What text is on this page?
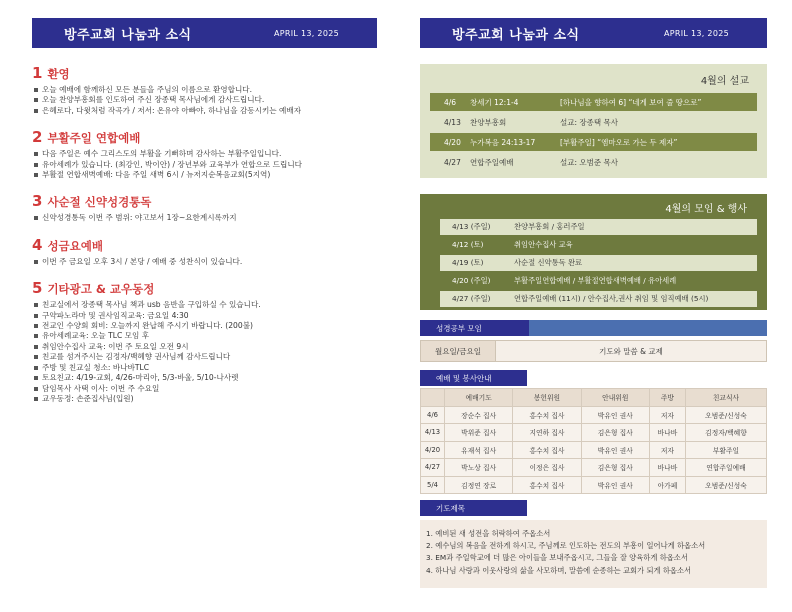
방주교회 나눔과 소식	APRIL 13, 2025
1 환영
오늘 예배에 함께하신 모든 분들을 주님의 이름으로 환영합니다.
오늘 찬양부흥회를 인도하여 주신 장종택 목사님에게 감사드립니다.
은혜로다, 다윗처럼 작곡가 / 저서: 온유야 아빠야, 하나님을 감동시키는 예배자
2 부활주일 연합예배
다음 주일은 예수 그리스도의 부활을 기뻐하며 감사하는 부활주일입니다.
유아세례가 있습니다. (최강인, 박이안) / 장년부와 교육부가 연합으로 드립니다
부활절 연합새벽예배: 다음 주일 새벽 6시 / 뉴저지순복음교회(5지역)
3 사순절 신약성경통독
신약성경통독 이번 주 범위: 야고보서 1장~요한계시록까지
4 성금요예배
이번 주 금요일 오후 3시 / 본당 / 예배 중 성찬식이 있습니다.
5 기타광고 & 교우동정
친교실에서 장종택 목사님 책과 usb 음반을 구입하실 수 있습니다.
구약파노라마 및 권사임직교육: 금요일 4:30
전교인 수양회 회비: 오늘까지 완납해 주시기 바랍니다. (200불)
유아세례교육: 오늘 TLC 모임 후
취임안수집사 교육: 이번 주 토요일 오전 9시
친교를 섬겨주시는 김정자/백혜향 권사님께 감사드립니다
주방 및 친교실 청소: 바나바TLC
토요친교: 4/19-교회, 4/26-마리아, 5/3-바울, 5/10-나사렛
담임목사 사택 이사: 이번 주 수요일
교우동정: 손준집사님(입원)
방주교회 나눔과 소식	APRIL 13, 2025
4월의 설교
4/6	창세기 12:1-4	[하나님을 향하여 6] “네게 보여 줄 땅으로”
4/13	찬양부흥회	설교: 장종택 목사
4/20	누가복음 24:13-17	[부활주일] “엠마오로 가는 두 제자”
4/27	연합주일예배	설교: 오범준 목사
4월의 모임 & 행사
4/13 (주일)	찬양부흥회 / 홍러주일
4/12 (토)	취임안수집사 교육
4/19 (토)	사순절 신약통독 완료
4/20 (주일)	부활주일연합예배 / 부활절연합새벽예배 / 유아세례
4/27 (주일)	연합주일예배 (11시) / 안수집사,권사 취임 및 임직예배 (5시)
성경공부 모임
월요일/금요일	기도와 말씀 & 교제
예배 및 봉사안내
	예배기도	봉헌위원	안내위원	주방	친교식사
4/6	장순수 집사	홍수치 집사	박유인 권사	저자	오범준/신성숙
4/13	박위준 집사	지연하 집사	김은형 집사	바나바	김정자/백혜향
4/20	유재석 집사	홍수치 집사	박유인 권사	저자	부활주일
4/27	박노상 집사	이정은 집사	김은형 집사	바나바	연합주일예배
5/4	김정연 장로	홍수치 집사	박유인 권사	아가페	오범준/신성숙
기도제목
1. 예비된 새 성전을 허락하여 주옵소서
2. 예수님의 복음을 전하게 하시고, 주님께로 인도하는 전도의 부흥이 일어나게 하옵소서
3. EM과 주일학교에 더 많은 아이들을 보내주옵시고, 그들을 잘 양육하게 하옵소서
4. 하나님 사랑과 이웃사랑의 삶을 사모하며, 말씀에 순종하는 교회가 되게 하옵소서
